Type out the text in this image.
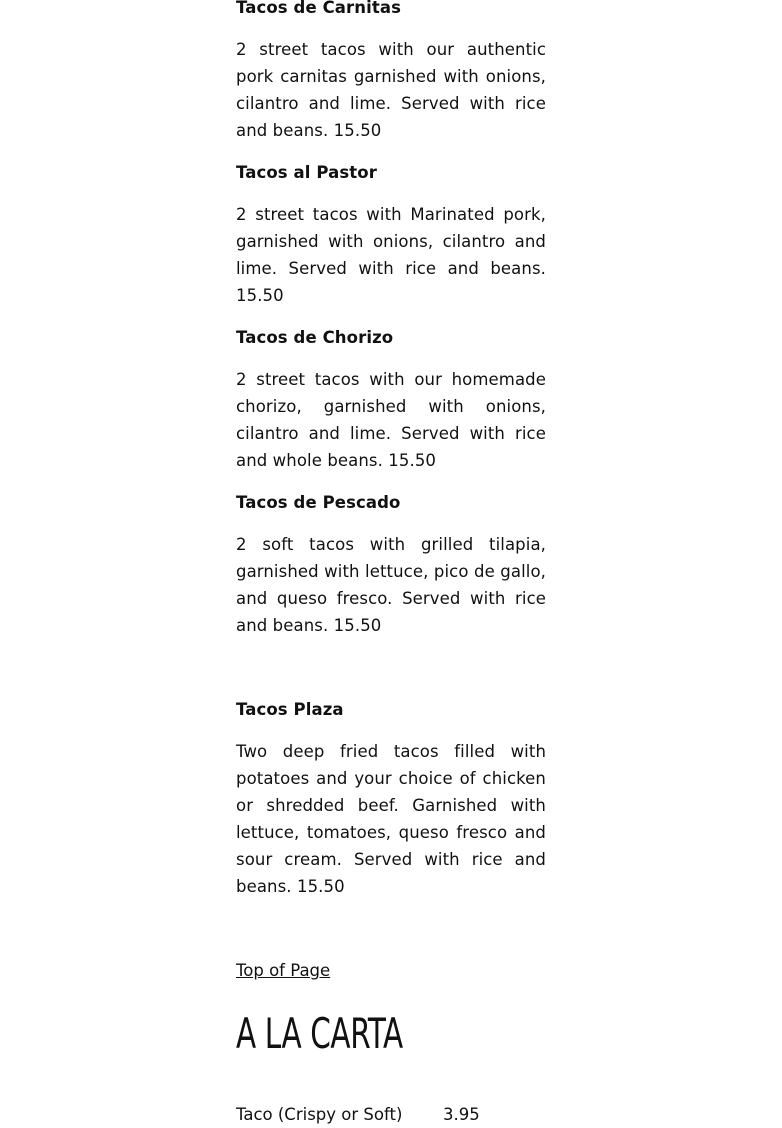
Tacos de Carnitas

2 street tacos with our authentic pork carnitas garnished with onions, cilantro and lime. Served with rice and beans. 15.50

Tacos al Pastor

2 street tacos with Marinated pork, garnished with onions, cilantro and lime. Served with rice and beans. 15.50

Tacos de Chorizo

2 street tacos with our homemade chorizo, garnished with onions, cilantro and lime. Served with rice and whole beans. 15.50

Tacos de Pescado

2 soft tacos with grilled tilapia, garnished with lettuce, pico de gallo, and queso fresco. Served with rice and beans. 15.50

Tacos Plaza

Two deep fried tacos filled with potatoes and your choice of chicken or shredded beef. Garnished with lettuce, tomatoes, queso fresco and sour cream. Served with rice and beans. 15.50

Top of Page
A LA CARTA
Taco (Crispy or Soft) 3.95
